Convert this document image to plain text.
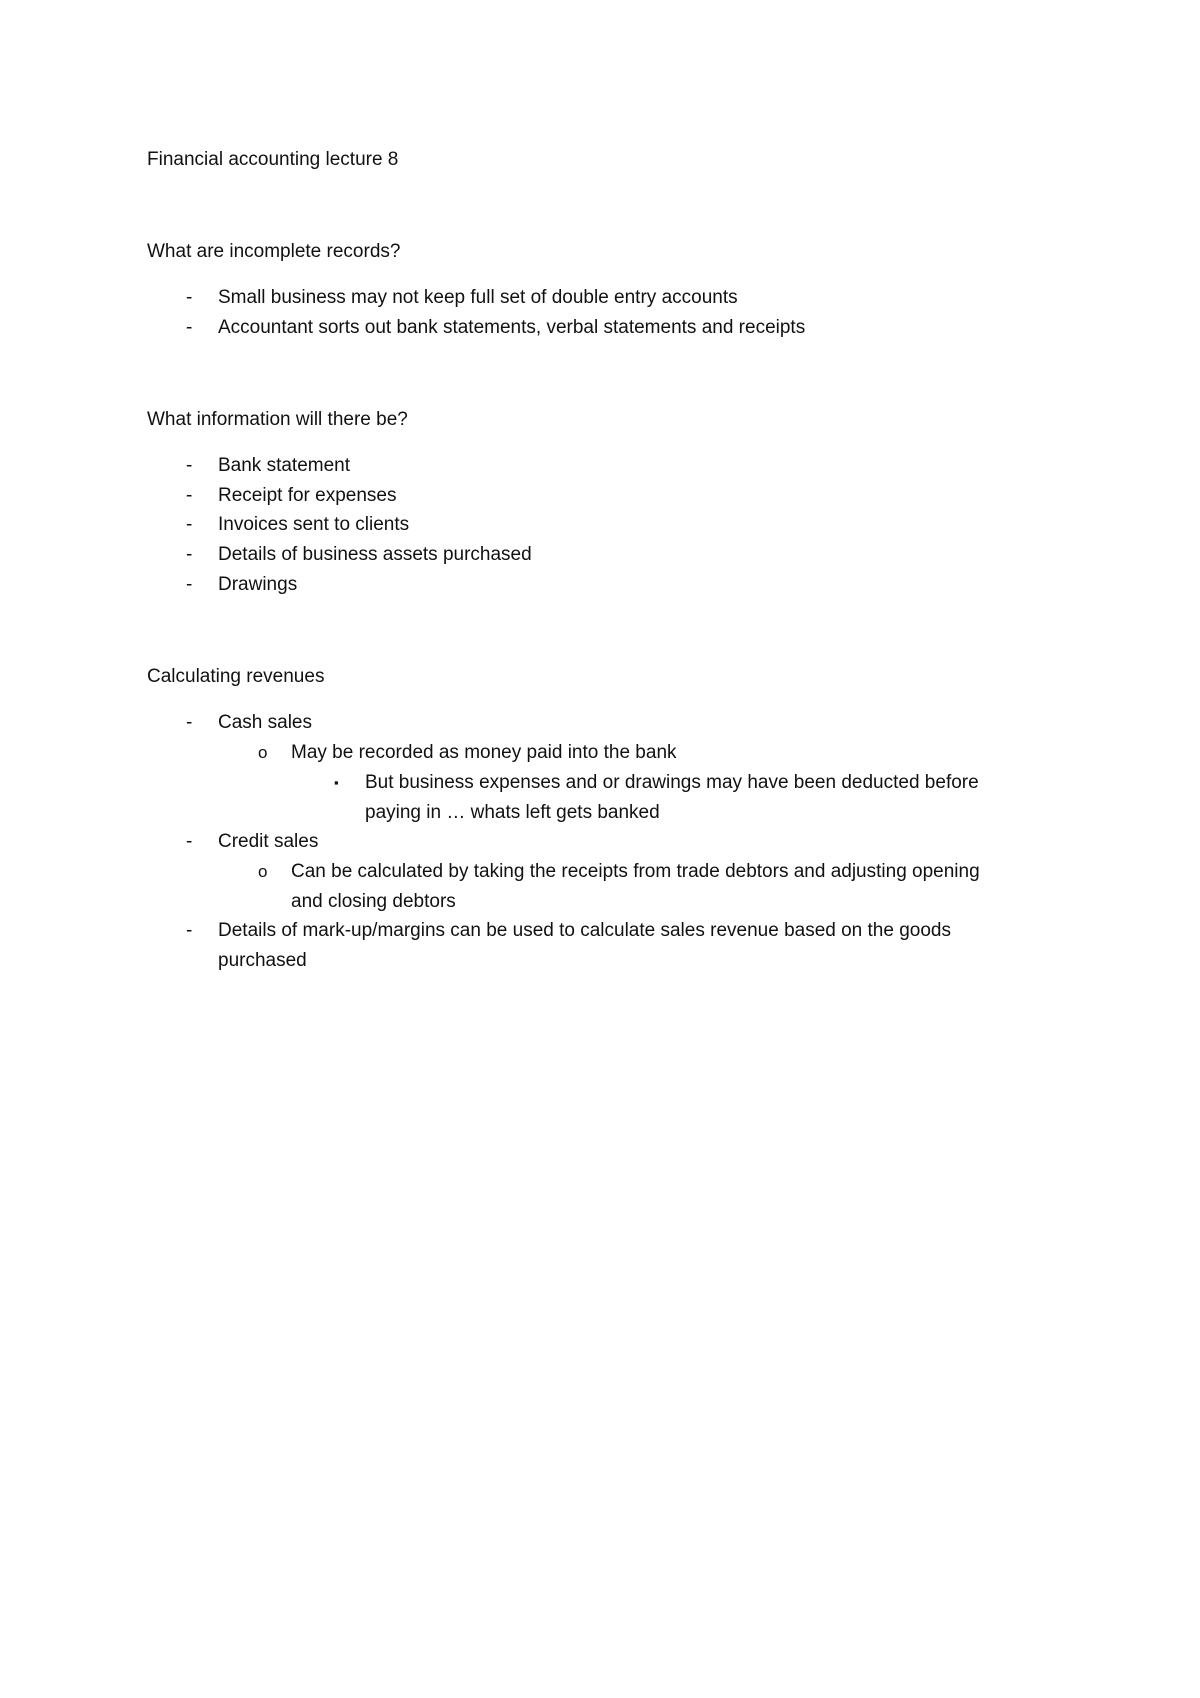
Financial accounting lecture 8
What are incomplete records?
-	Small business may not keep full set of double entry accounts
-	Accountant sorts out bank statements, verbal statements and receipts
What information will there be?
-	Bank statement
-	Receipt for expenses
-	Invoices sent to clients
-	Details of business assets purchased
-	Drawings
Calculating revenues
-	Cash sales
o May be recorded as money paid into the bank
▪ But business expenses and or drawings may have been deducted before
paying in … whats left gets banked
-	Credit sales
o Can be calculated by taking the receipts from trade debtors and adjusting opening
and closing debtors
-	Details of mark-up/margins can be used to calculate sales revenue based on the goods
purchased
